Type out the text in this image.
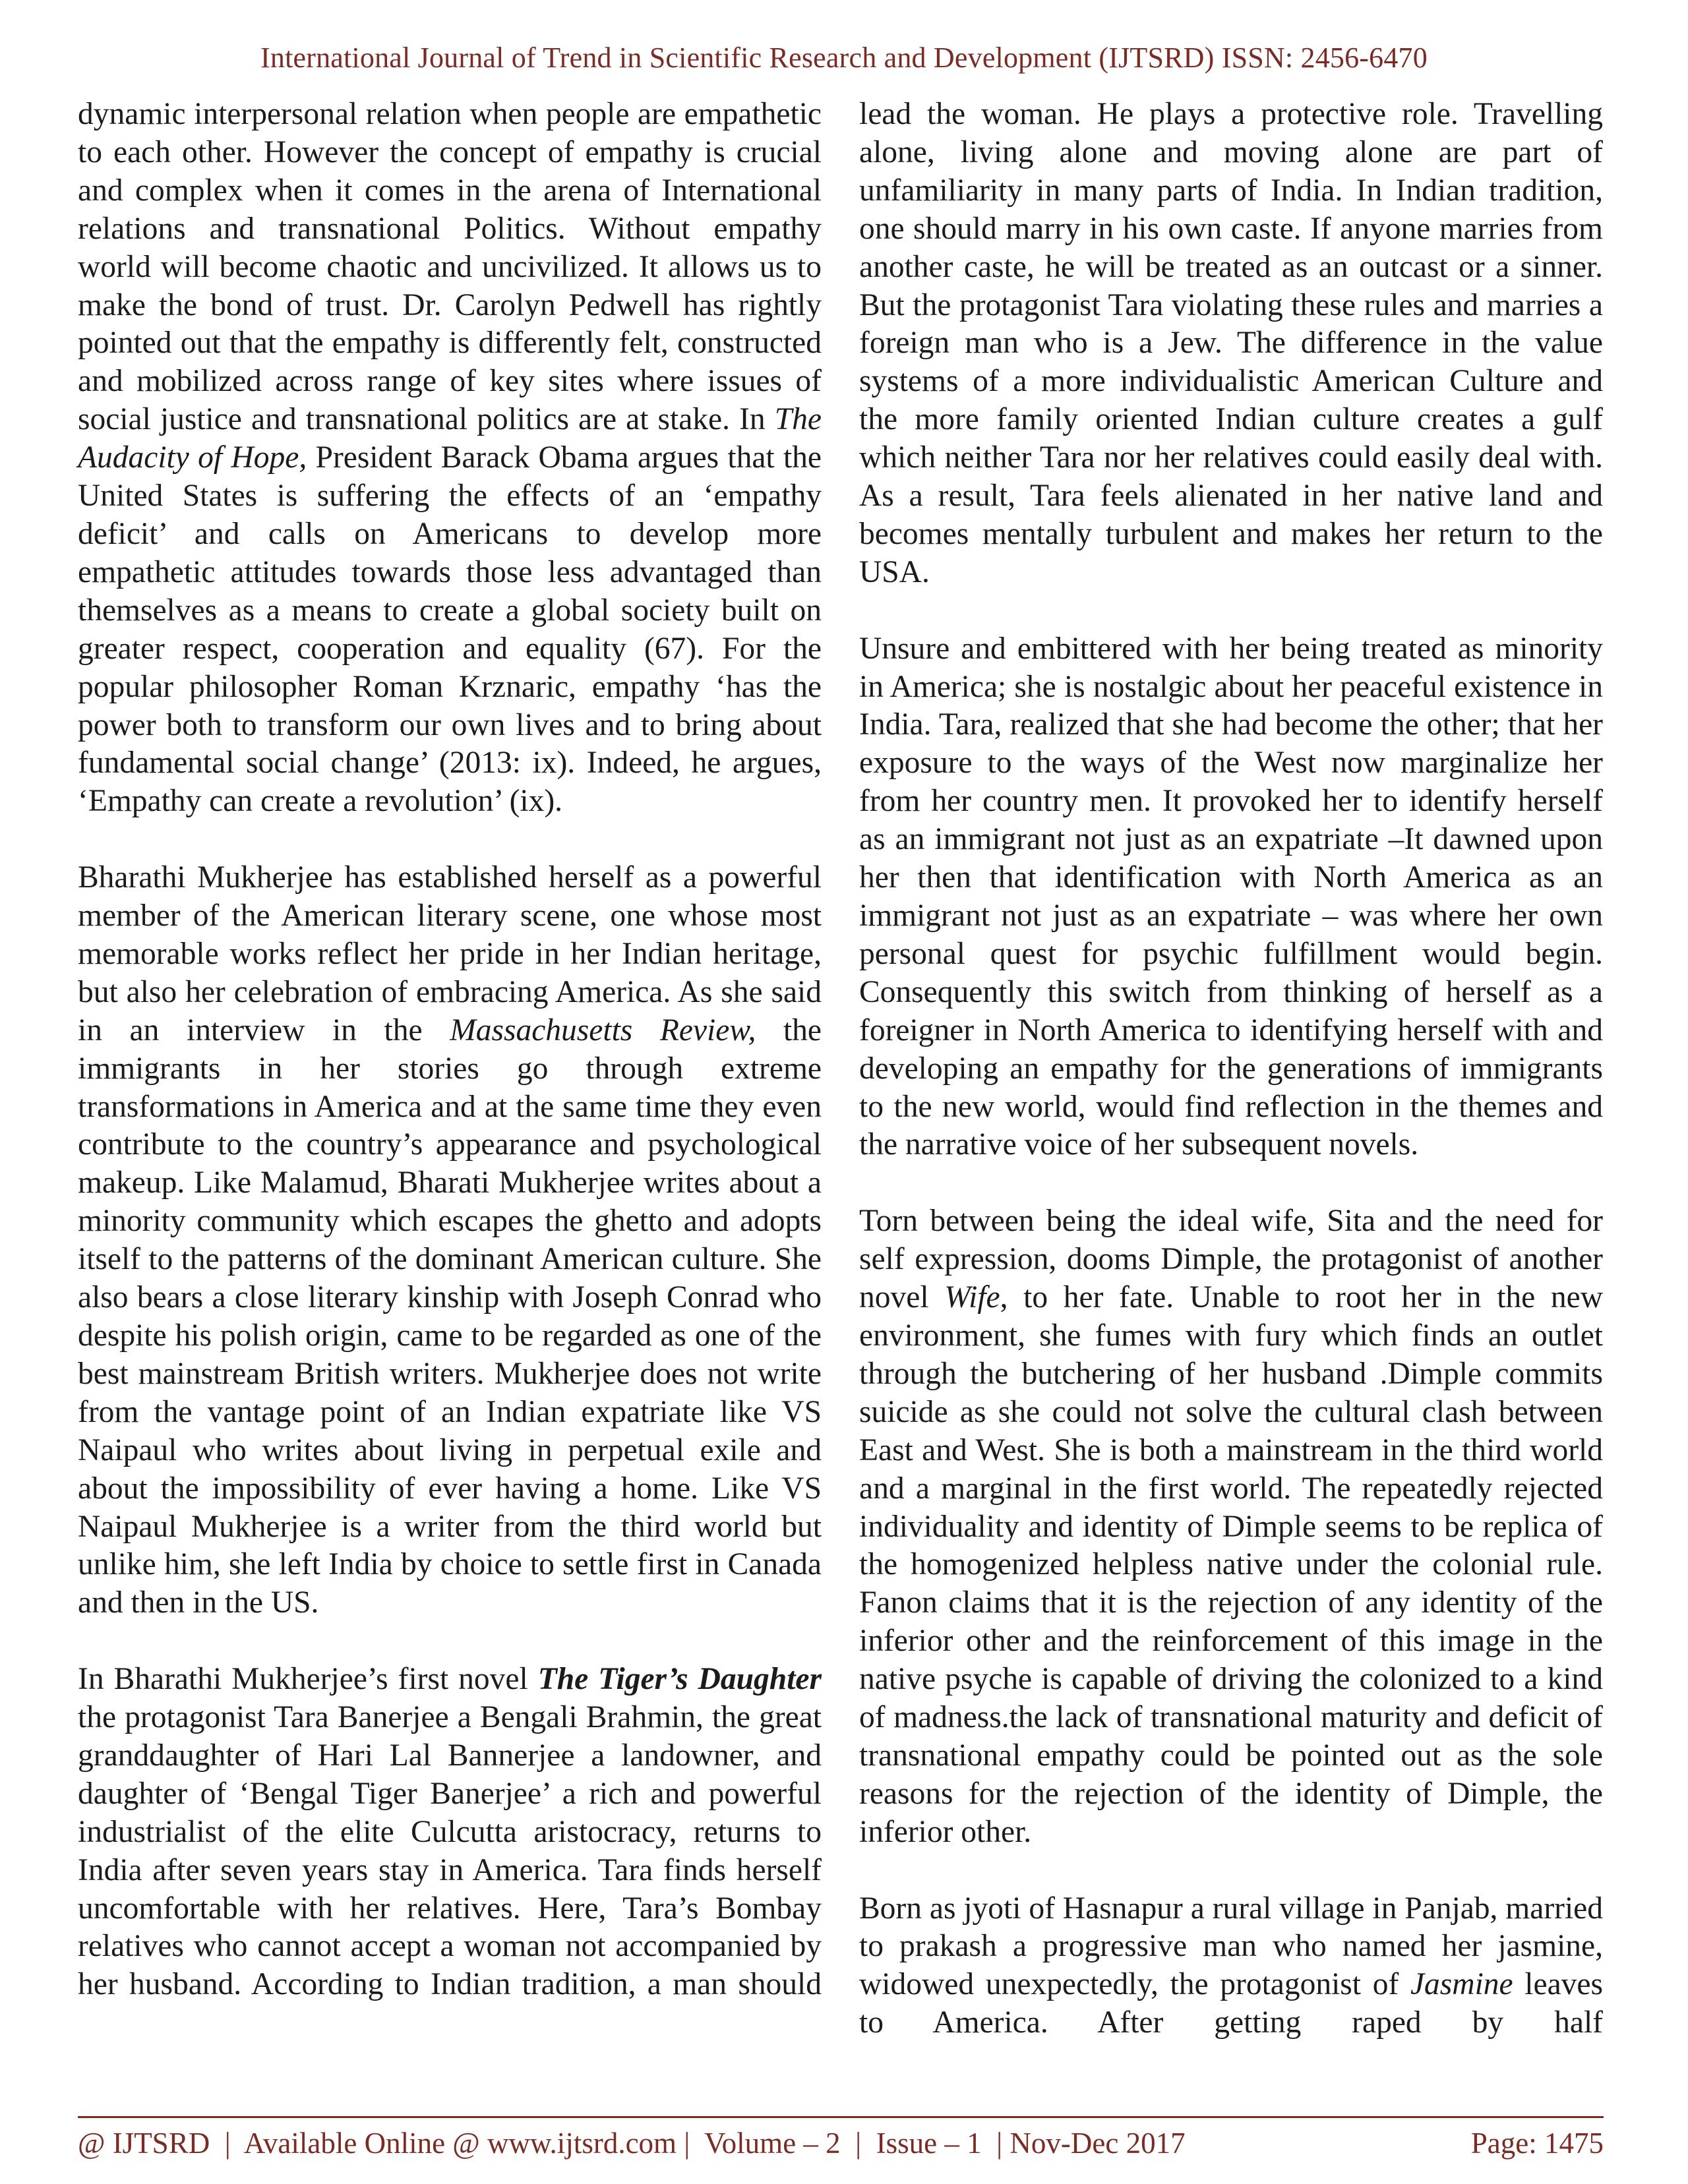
International Journal of Trend in Scientific Research and Development (IJTSRD) ISSN: 2456-6470

dynamic interpersonal relation when people are empathetic to each other. However the concept of empathy is crucial and complex when it comes in the arena of International relations and transnational Politics. Without empathy world will become chaotic and uncivilized. It allows us to make the bond of trust. Dr. Carolyn Pedwell has rightly pointed out that the empathy is differently felt, constructed and mobilized across range of key sites where issues of social justice and transnational politics are at stake. In The Audacity of Hope, President Barack Obama argues that the United States is suffering the effects of an ‘empathy deficit’ and calls on Americans to develop more empathetic attitudes towards those less advantaged than themselves as a means to create a global society built on greater respect, cooperation and equality (67). For the popular philosopher Roman Krznaric, empathy ‘has the power both to transform our own lives and to bring about fundamental social change’ (2013: ix). Indeed, he argues, ‘Empathy can create a revolution’ (ix).

Bharathi Mukherjee has established herself as a powerful member of the American literary scene, one whose most memorable works reflect her pride in her Indian heritage, but also her celebration of embracing America. As she said in an interview in the Massachusetts Review, the immigrants in her stories go through extreme transformations in America and at the same time they even contribute to the country’s appearance and psychological makeup. Like Malamud, Bharati Mukherjee writes about a minority community which escapes the ghetto and adopts itself to the patterns of the dominant American culture. She also bears a close literary kinship with Joseph Conrad who despite his polish origin, came to be regarded as one of the best mainstream British writers. Mukherjee does not write from the vantage point of an Indian expatriate like VS Naipaul who writes about living in perpetual exile and about the impossibility of ever having a home. Like VS Naipaul Mukherjee is a writer from the third world but unlike him, she left India by choice to settle first in Canada and then in the US.

In Bharathi Mukherjee’s first novel The Tiger’s Daughter the protagonist Tara Banerjee a Bengali Brahmin, the great granddaughter of Hari Lal Bannerjee a landowner, and daughter of ‘Bengal Tiger Banerjee’ a rich and powerful industrialist of the elite Culcutta aristocracy, returns to India after seven years stay in America. Tara finds herself uncomfortable with her relatives. Here, Tara’s Bombay relatives who cannot accept a woman not accompanied by her husband. According to Indian tradition, a man should

lead the woman. He plays a protective role. Travelling alone, living alone and moving alone are part of unfamiliarity in many parts of India. In Indian tradition, one should marry in his own caste. If anyone marries from another caste, he will be treated as an outcast or a sinner. But the protagonist Tara violating these rules and marries a foreign man who is a Jew. The difference in the value systems of a more individualistic American Culture and the more family oriented Indian culture creates a gulf which neither Tara nor her relatives could easily deal with. As a result, Tara feels alienated in her native land and becomes mentally turbulent and makes her return to the USA.

Unsure and embittered with her being treated as minority in America; she is nostalgic about her peaceful existence in India. Tara, realized that she had become the other; that her exposure to the ways of the West now marginalize her from her country men. It provoked her to identify herself as an immigrant not just as an expatriate –It dawned upon her then that identification with North America as an immigrant not just as an expatriate – was where her own personal quest for psychic fulfillment would begin. Consequently this switch from thinking of herself as a foreigner in North America to identifying herself with and developing an empathy for the generations of immigrants to the new world, would find reflection in the themes and the narrative voice of her subsequent novels.

Torn between being the ideal wife, Sita and the need for self expression, dooms Dimple, the protagonist of another novel Wife, to her fate. Unable to root her in the new environment, she fumes with fury which finds an outlet through the butchering of her husband .Dimple commits suicide as she could not solve the cultural clash between East and West. She is both a mainstream in the third world and a marginal in the first world. The repeatedly rejected individuality and identity of Dimple seems to be replica of the homogenized helpless native under the colonial rule. Fanon claims that it is the rejection of any identity of the inferior other and the reinforcement of this image in the native psyche is capable of driving the colonized to a kind of madness.the lack of transnational maturity and deficit of transnational empathy could be pointed out as the sole reasons for the rejection of the identity of Dimple, the inferior other.

Born as jyoti of Hasnapur a rural village in Panjab, married to prakash a progressive man who named her jasmine, widowed unexpectedly, the protagonist of Jasmine leaves to America. After getting raped by half

@ IJTSRD  |  Available Online @ www.ijtsrd.com |  Volume – 2  |  Issue – 1  | Nov-Dec 2017	Page: 1475
